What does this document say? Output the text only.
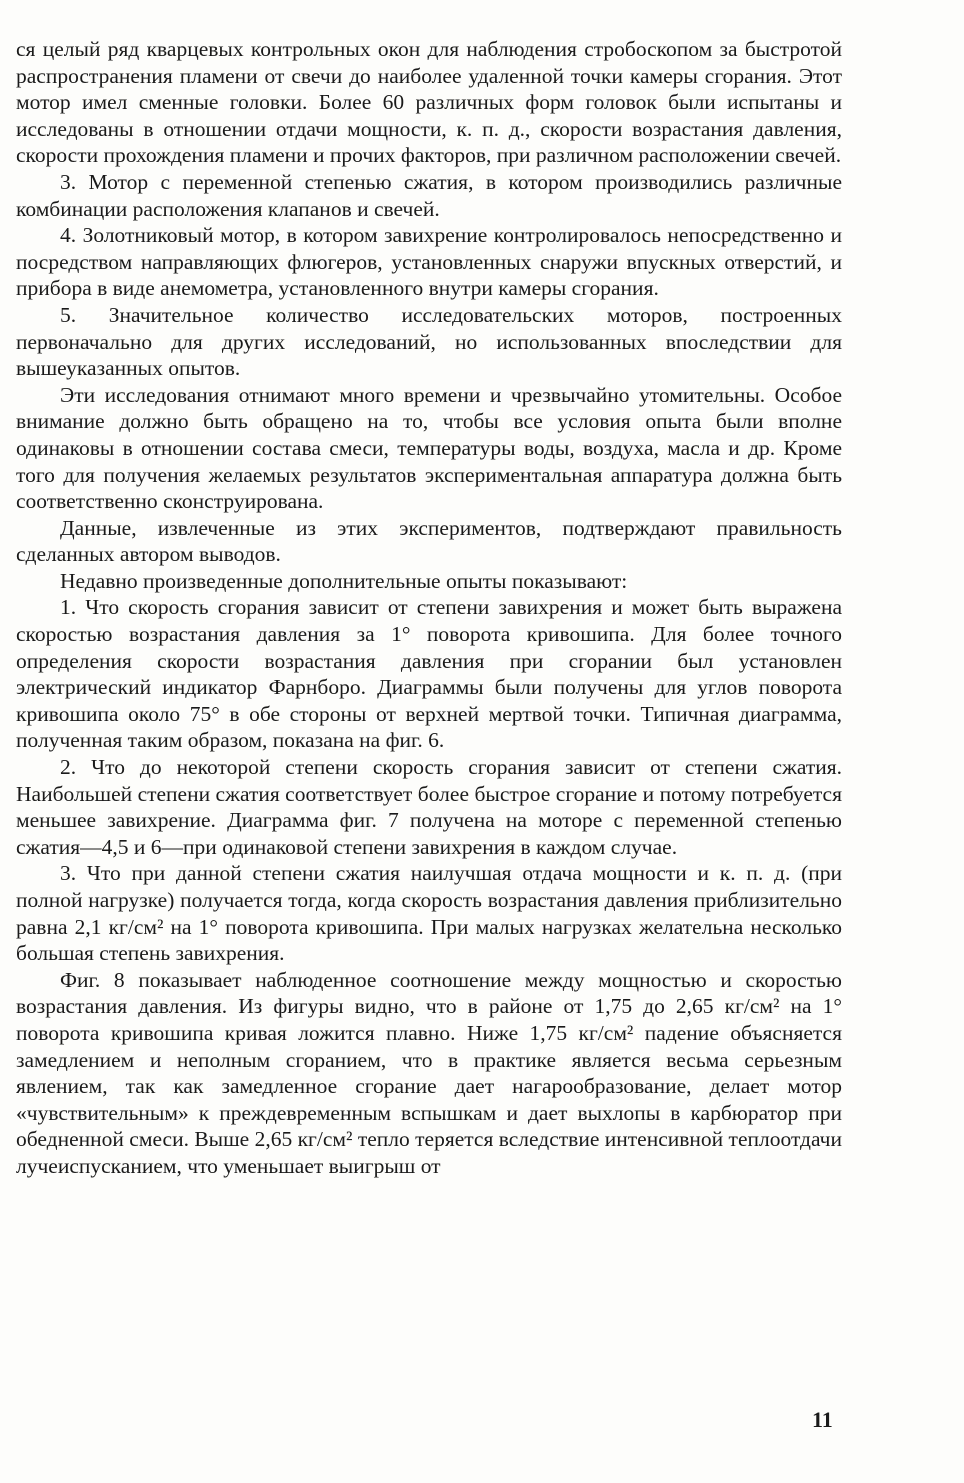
ся целый ряд кварцевых контрольных окон для наблюдения стробоскопом за быстротой распространения пламени от свечи до наиболее удаленной точки камеры сгорания. Этот мотор имел сменные головки. Более 60 различных форм головок были испытаны и исследованы в отношении отдачи мощности, к. п. д., скорости возрастания давления, скорости прохождения пламени и прочих факторов, при различном расположении свечей.

3. Мотор с переменной степенью сжатия, в котором производились различные комбинации расположения клапанов и свечей.

4. Золотниковый мотор, в котором завихрение контролировалось непосредственно и посредством направляющих флюгеров, установленных снаружи впускных отверстий, и прибора в виде анемометра, установленного внутри камеры сгорания.

5. Значительное количество исследовательских моторов, построенных первоначально для других исследований, но использованных впоследствии для вышеуказанных опытов.

Эти исследования отнимают много времени и чрезвычайно утомительны. Особое внимание должно быть обращено на то, чтобы все условия опыта были вполне одинаковы в отношении состава смеси, температуры воды, воздуха, масла и др. Кроме того для получения желаемых результатов экспериментальная аппаратура должна быть соответственно сконструирована.

Данные, извлеченные из этих экспериментов, подтверждают правильность сделанных автором выводов.

Недавно произведенные дополнительные опыты показывают:

1. Что скорость сгорания зависит от степени завихрения и может быть выражена скоростью возрастания давления за 1° поворота кривошипа. Для более точного определения скорости возрастания давления при сгорании был установлен электрический индикатор Фарнборо. Диаграммы были получены для углов поворота кривошипа около 75° в обе стороны от верхней мертвой точки. Типичная диаграмма, полученная таким образом, показана на фиг. 6.

2. Что до некоторой степени скорость сгорания зависит от степени сжатия. Наибольшей степени сжатия соответствует более быстрое сгорание и потому потребуется меньшее завихрение. Диаграмма фиг. 7 получена на моторе с переменной степенью сжатия—4,5 и 6—при одинаковой степени завихрения в каждом случае.

3. Что при данной степени сжатия наилучшая отдача мощности и к. п. д. (при полной нагрузке) получается тогда, когда скорость возрастания давления приблизительно равна 2,1 кг/см² на 1° поворота кривошипа. При малых нагрузках желательна несколько большая степень завихрения.

Фиг. 8 показывает наблюденное соотношение между мощностью и скоростью возрастания давления. Из фигуры видно, что в районе от 1,75 до 2,65 кг/см² на 1° поворота кривошипа кривая ложится плавно. Ниже 1,75 кг/см² падение объясняется замедлением и неполным сгоранием, что в практике является весьма серьезным явлением, так как замедленное сгорание дает нагарообразование, делает мотор «чувствительным» к преждевременным вспышкам и дает выхлопы в карбюратор при обедненной смеси. Выше 2,65 кг/см² тепло теряется вследствие интенсивной теплоотдачи лучеиспусканием, что уменьшает выигрыш от

11
